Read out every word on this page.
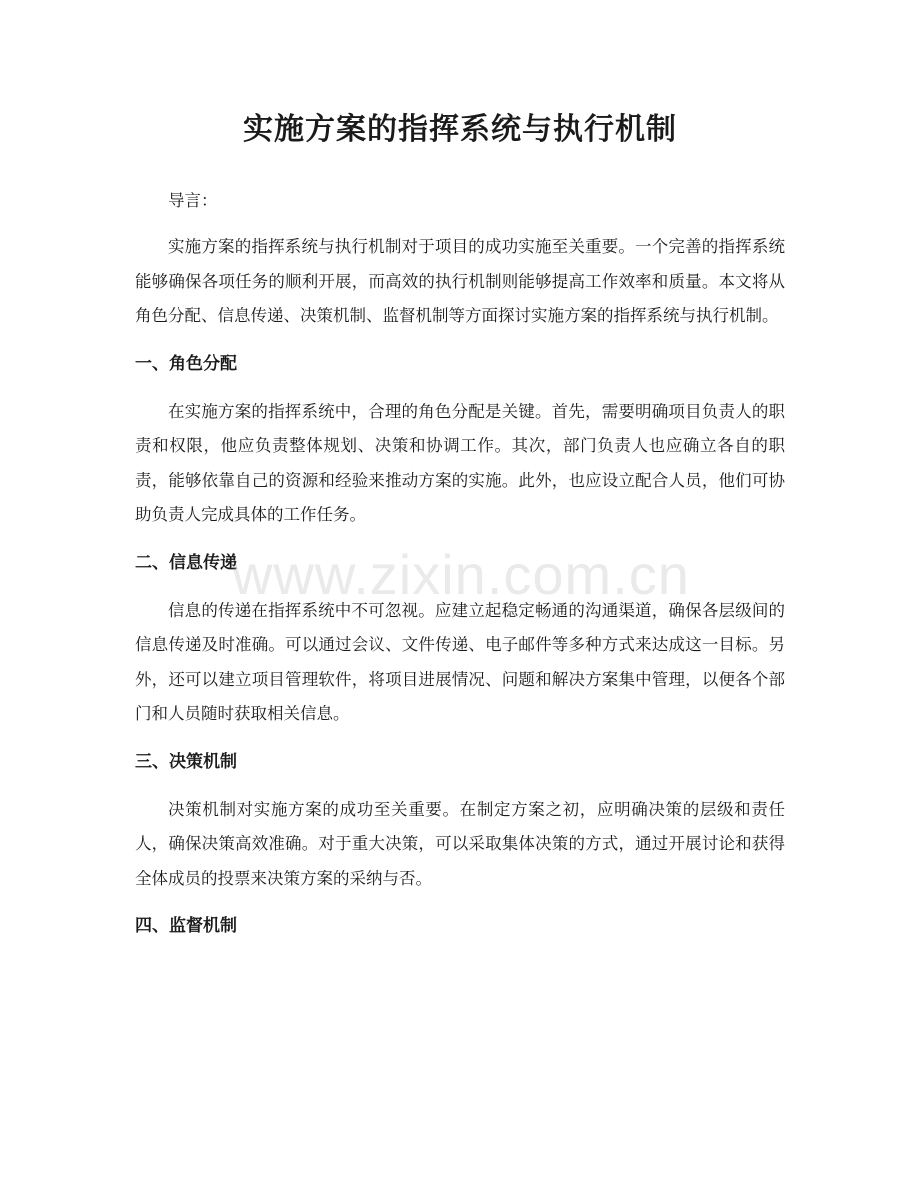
实施方案的指挥系统与执行机制

导言：

实施方案的指挥系统与执行机制对于项目的成功实施至关重要。一个完善的指挥系统能够确保各项任务的顺利开展，而高效的执行机制则能够提高工作效率和质量。本文将从角色分配、信息传递、决策机制、监督机制等方面探讨实施方案的指挥系统与执行机制。

一、角色分配

在实施方案的指挥系统中，合理的角色分配是关键。首先，需要明确项目负责人的职责和权限，他应负责整体规划、决策和协调工作。其次，部门负责人也应确立各自的职责，能够依靠自己的资源和经验来推动方案的实施。此外，也应设立配合人员，他们可协助负责人完成具体的工作任务。

二、信息传递

信息的传递在指挥系统中不可忽视。应建立起稳定畅通的沟通渠道，确保各层级间的信息传递及时准确。可以通过会议、文件传递、电子邮件等多种方式来达成这一目标。另外，还可以建立项目管理软件，将项目进展情况、问题和解决方案集中管理，以便各个部门和人员随时获取相关信息。

三、决策机制

决策机制对实施方案的成功至关重要。在制定方案之初，应明确决策的层级和责任人，确保决策高效准确。对于重大决策，可以采取集体决策的方式，通过开展讨论和获得全体成员的投票来决策方案的采纳与否。

四、监督机制
www.zixin.com.cn
